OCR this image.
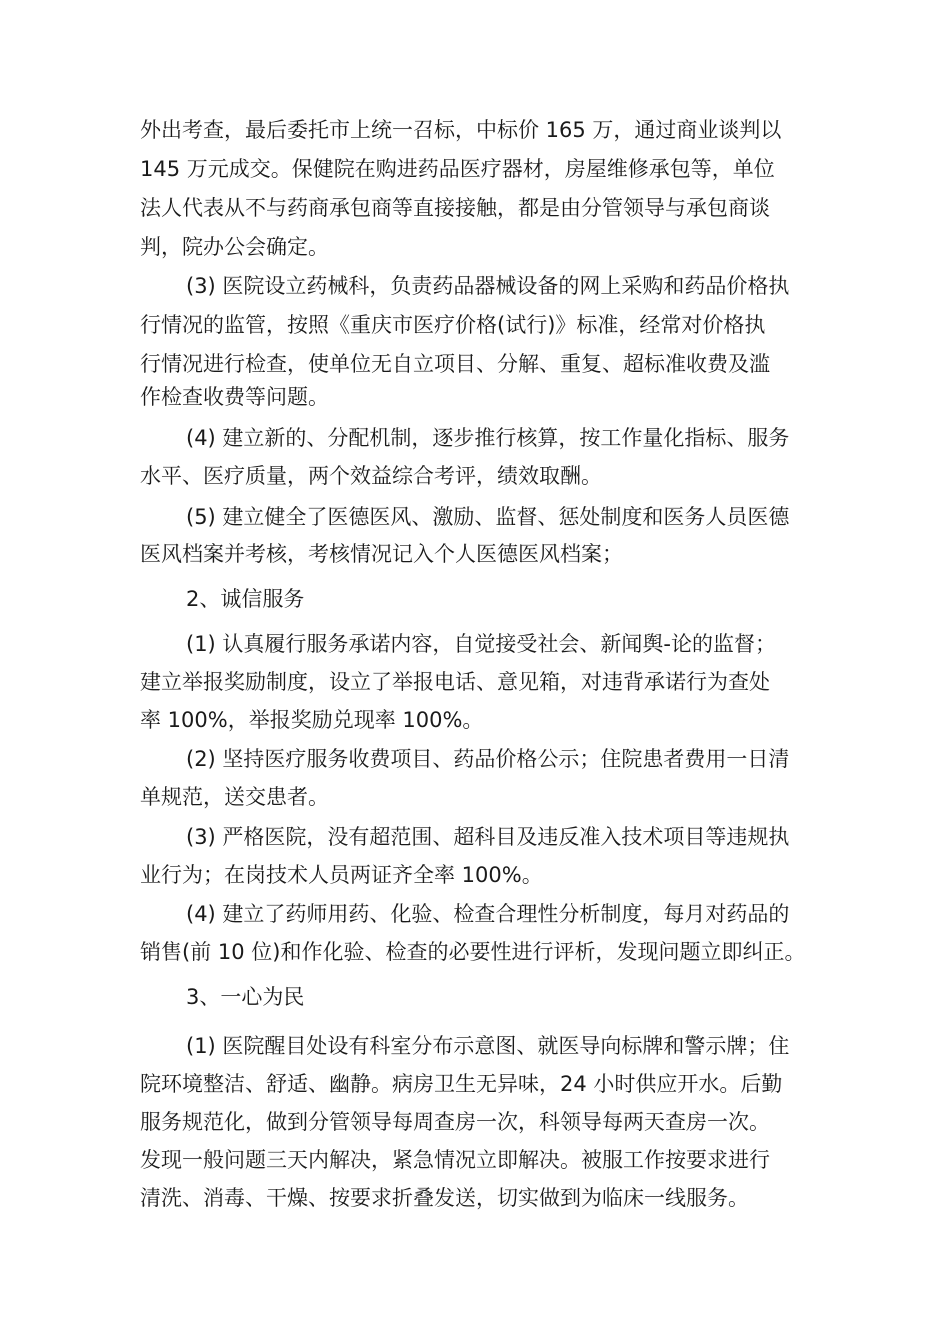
外出考查，最后委托市上统一召标，中标价 165 万，通过商业谈判以
145 万元成交。保健院在购进药品医疗器材，房屋维修承包等，单位
法人代表从不与药商承包商等直接接触，都是由分管领导与承包商谈
判，院办公会确定。
(3) 医院设立药械科，负责药品器械设备的网上采购和药品价格执
行情况的监管，按照《重庆市医疗价格(试行)》标准，经常对价格执
行情况进行检查，使单位无自立项目、分解、重复、超标准收费及滥
作检查收费等问题。
(4) 建立新的、分配机制，逐步推行核算，按工作量化指标、服务
水平、医疗质量，两个效益综合考评，绩效取酬。
(5) 建立健全了医德医风、激励、监督、惩处制度和医务人员医德
医风档案并考核，考核情况记入个人医德医风档案；
2、诚信服务
(1) 认真履行服务承诺内容，自觉接受社会、新闻舆-论的监督；
建立举报奖励制度，设立了举报电话、意见箱，对违背承诺行为查处
率 100%，举报奖励兑现率 100%。
(2) 坚持医疗服务收费项目、药品价格公示；住院患者费用一日清
单规范，送交患者。
(3) 严格医院，没有超范围、超科目及违反准入技术项目等违规执
业行为；在岗技术人员两证齐全率 100%。
(4) 建立了药师用药、化验、检查合理性分析制度，每月对药品的
销售(前 10 位)和作化验、检查的必要性进行评析，发现问题立即纠正。
3、一心为民
(1) 医院醒目处设有科室分布示意图、就医导向标牌和警示牌；住
院环境整洁、舒适、幽静。病房卫生无异味，24 小时供应开水。后勤
服务规范化，做到分管领导每周查房一次，科领导每两天查房一次。
发现一般问题三天内解决，紧急情况立即解决。被服工作按要求进行
清洗、消毒、干燥、按要求折叠发送，切实做到为临床一线服务。
